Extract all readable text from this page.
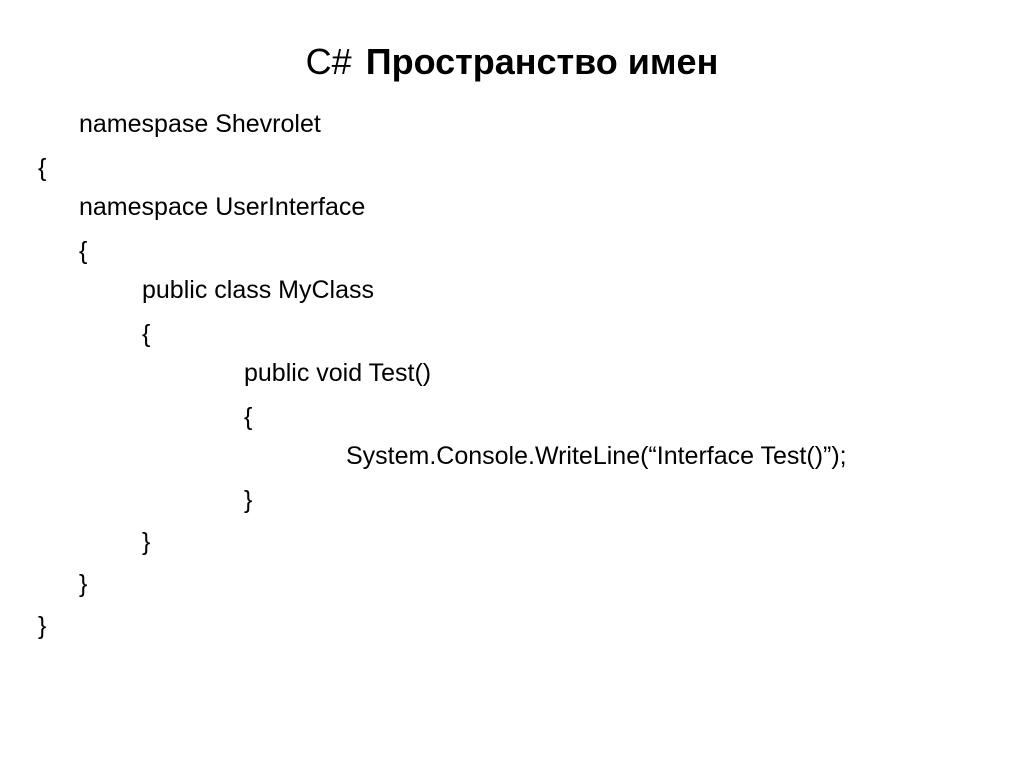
C# Пространство имен
namespase Shevrolet
{
namespace UserInterface
{
public class MyClass
{
public void Test()
{
System.Console.WriteLine(“Interface Test()”);
}
}
}
}
